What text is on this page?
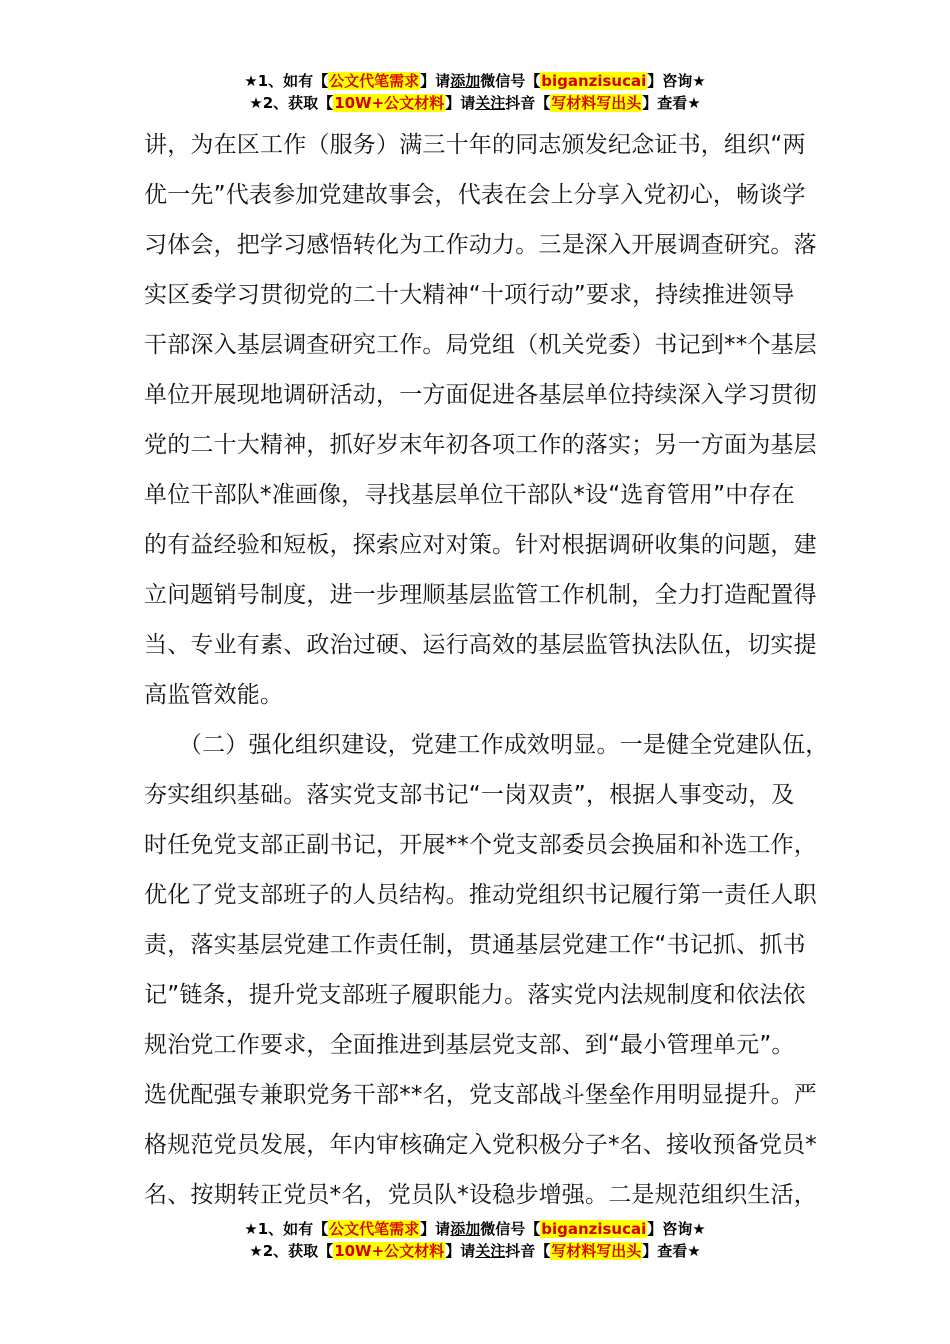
★1、如有【公文代笔需求】请添加微信号【biganzisucai】咨询★
★2、获取【10W+公文材料】请关注抖音【写材料写出头】查看★
讲，为在区工作（服务）满三十年的同志颁发纪念证书，组织“两
优一先”代表参加党建故事会，代表在会上分享入党初心，畅谈学
习体会，把学习感悟转化为工作动力。三是深入开展调查研究。落
实区委学习贯彻党的二十大精神“十项行动”要求，持续推进领导
干部深入基层调查研究工作。局党组（机关党委）书记到**个基层
单位开展现地调研活动，一方面促进各基层单位持续深入学习贯彻
党的二十大精神，抓好岁末年初各项工作的落实；另一方面为基层
单位干部队*准画像，寻找基层单位干部队*设“选育管用”中存在
的有益经验和短板，探索应对对策。针对根据调研收集的问题，建
立问题销号制度，进一步理顺基层监管工作机制，全力打造配置得
当、专业有素、政治过硬、运行高效的基层监管执法队伍，切实提
高监管效能。
　　（二）强化组织建设，党建工作成效明显。一是健全党建队伍，
夯实组织基础。落实党支部书记“一岗双责”，根据人事变动，及
时任免党支部正副书记，开展**个党支部委员会换届和补选工作，
优化了党支部班子的人员结构。推动党组织书记履行第一责任人职
责，落实基层党建工作责任制，贯通基层党建工作“书记抓、抓书
记”链条，提升党支部班子履职能力。落实党内法规制度和依法依
规治党工作要求，全面推进到基层党支部、到“最小管理单元”。
选优配强专兼职党务干部**名，党支部战斗堡垒作用明显提升。严
格规范党员发展，年内审核确定入党积极分子*名、接收预备党员*
名、按期转正党员*名，党员队*设稳步增强。二是规范组织生活，
★1、如有【公文代笔需求】请添加微信号【biganzisucai】咨询★
★2、获取【10W+公文材料】请关注抖音【写材料写出头】查看★
